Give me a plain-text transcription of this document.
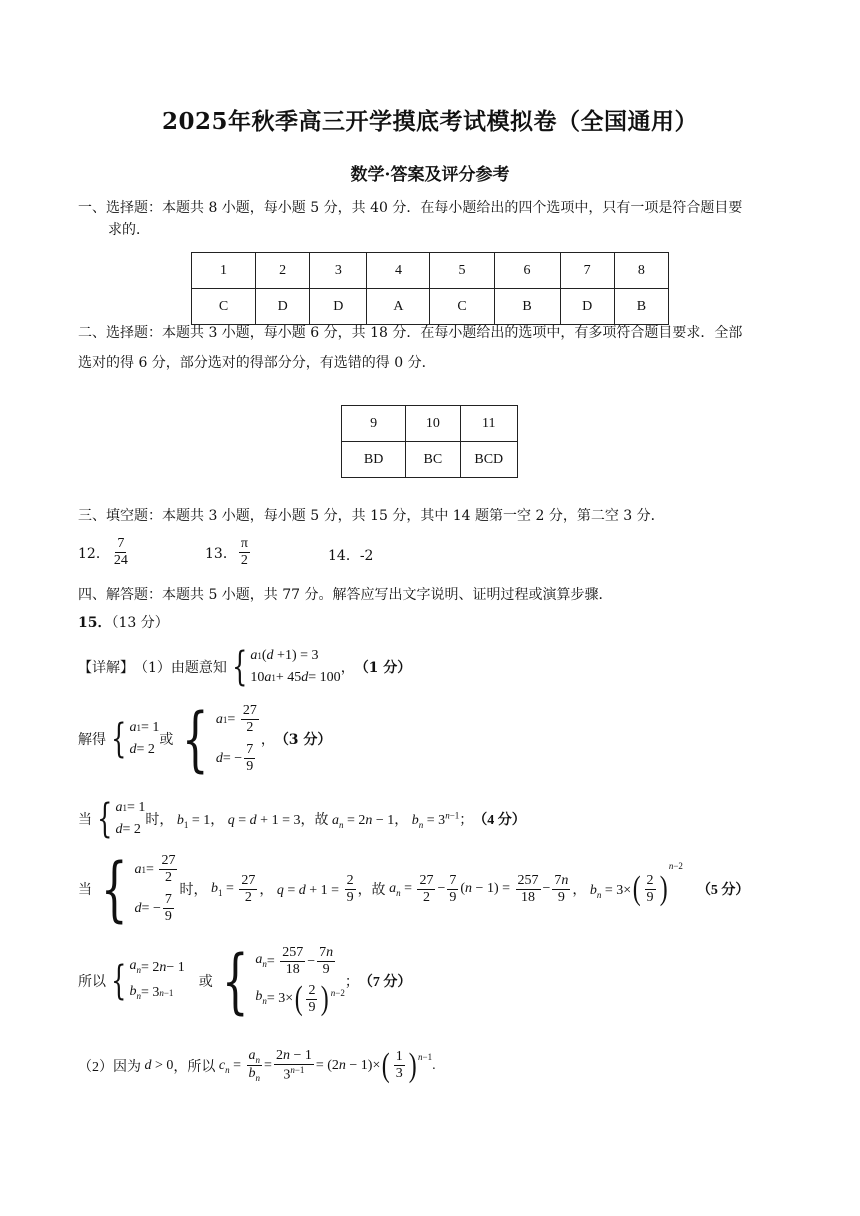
2025年秋季高三开学摸底考试模拟卷（全国通用）
数学·答案及评分参考
一、选择题：本题共 8 小题，每小题 5 分，共 40 分．在每小题给出的四个选项中，只有一项是符合题目要
求的．
1	2	3	4	5	6	7	8
C	D	D	A	C	B	D	B
二、选择题：本题共 3 小题，每小题 6 分，共 18 分．在每小题给出的选项中，有多项符合题目要求．全部
选对的得 6 分，部分选对的得部分分，有选错的得 0 分．
9	10	11
BD	BC	BCD
三、填空题：本题共 3 小题，每小题 5 分，共 15 分，其中 14 题第一空 2 分，第二空 3 分．
12． $\frac{7}{24}$	13． $\frac{\pi}{2}$	14．-2
四、解答题：本题共 5 小题，共 77 分。解答应写出文字说明、证明过程或演算步骤．
15．（13 分）
【详解】 （1）由题意知 { a 1 ( d +1) = 3
10 a 1 + 45 d = 100
， （1 分）
解得 { a 1 = 1
d = 2
或 { a $1 = \frac{27}{2}$
d = − $\frac{7}{9}$
， （3 分）
当 { a 1 = 1
d = 2
时， $b_1 = 1$， q = d + 1 = 3 ，故 $a_n = 2n - 1$， $b_n = 3^{n-1}$； （4 分）
当 { a $1 = \frac{27}{2}$
d = − $\frac{7}{9}$
时， $b_1 = \frac{27}{2}$ ， $q = d + 1 = \frac{2}{9}$ ，故 $a_n = \frac{27}{2} - \frac{7}{9} (n - 1) = \frac{257}{18} - \frac{7n}{9}$ ， $b_n = 3\times$ ( $\frac{2}{9}$ )
n−2
（5 分）
所以 { $a_n = 2$ n − 1
$b_n = 3$ n−1
或 { $a_n = \frac{257}{18} - \frac{7n}{9}$
$b_n = 3\times$ ( $\frac{2}{9}$ ) $^{n-2}$
； （7 分）
（2）因为 d > 0 ，所以 $c_n = \frac{a_n}{b_n} = \frac{2n - 1}{3^{n-1}} = (2n - 1)\times$ ( $\frac{1}{3}$ ) $^{n-1}$
.
